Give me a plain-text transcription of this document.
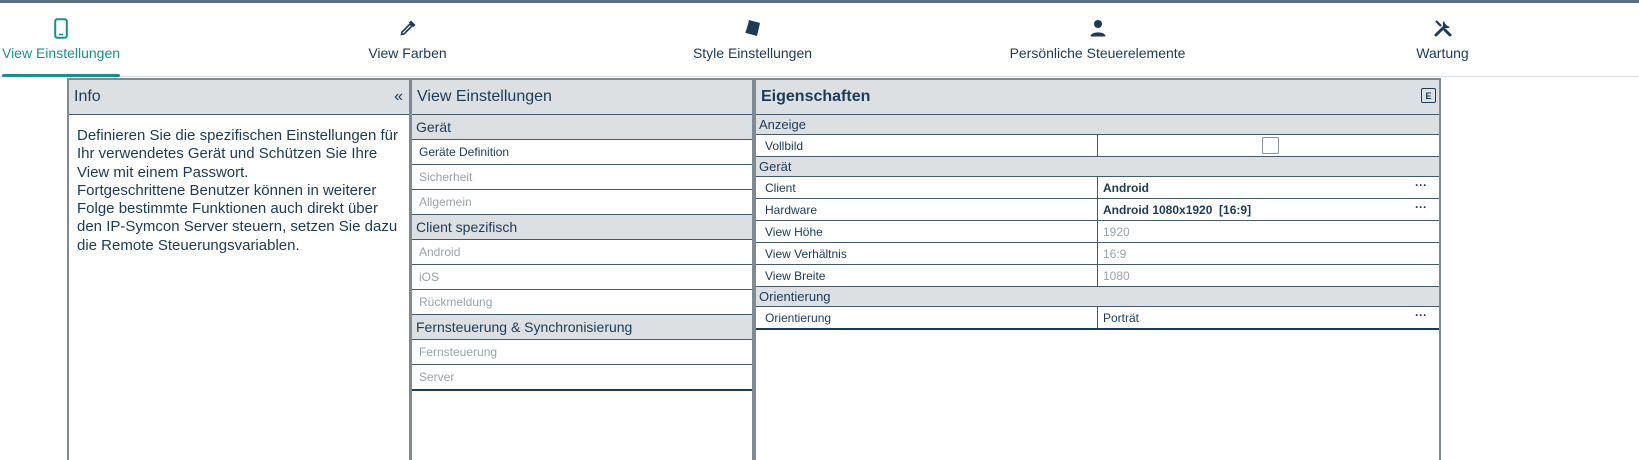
View Einstellungen	View Farben	Style Einstellungen	Persönliche Steuerelemente	Wartung
Info	«
Definieren Sie die spezifischen Einstellungen für Ihr verwendetes Gerät und Schützen Sie Ihre View mit einem Passwort.
Fortgeschrittene Benutzer können in weiterer Folge bestimmte Funktionen auch direkt über den IP-Symcon Server steuern, setzen Sie dazu die Remote Steuerungsvariablen.
View Einstellungen
Gerät
Geräte Definition
Sicherheit
Allgemein
Client spezifisch
Android
iOS
Rückmeldung
Fernsteuerung & Synchronisierung
Fernsteuerung
Server
Eigenschaften	E
Anzeige
Vollbild
Gerät
Client	Android	···
Hardware	Android 1080x1920  [16:9]	···
View Höhe	1920
View Verhältnis	16:9
View Breite	1080
Orientierung
Orientierung	Porträt	···
